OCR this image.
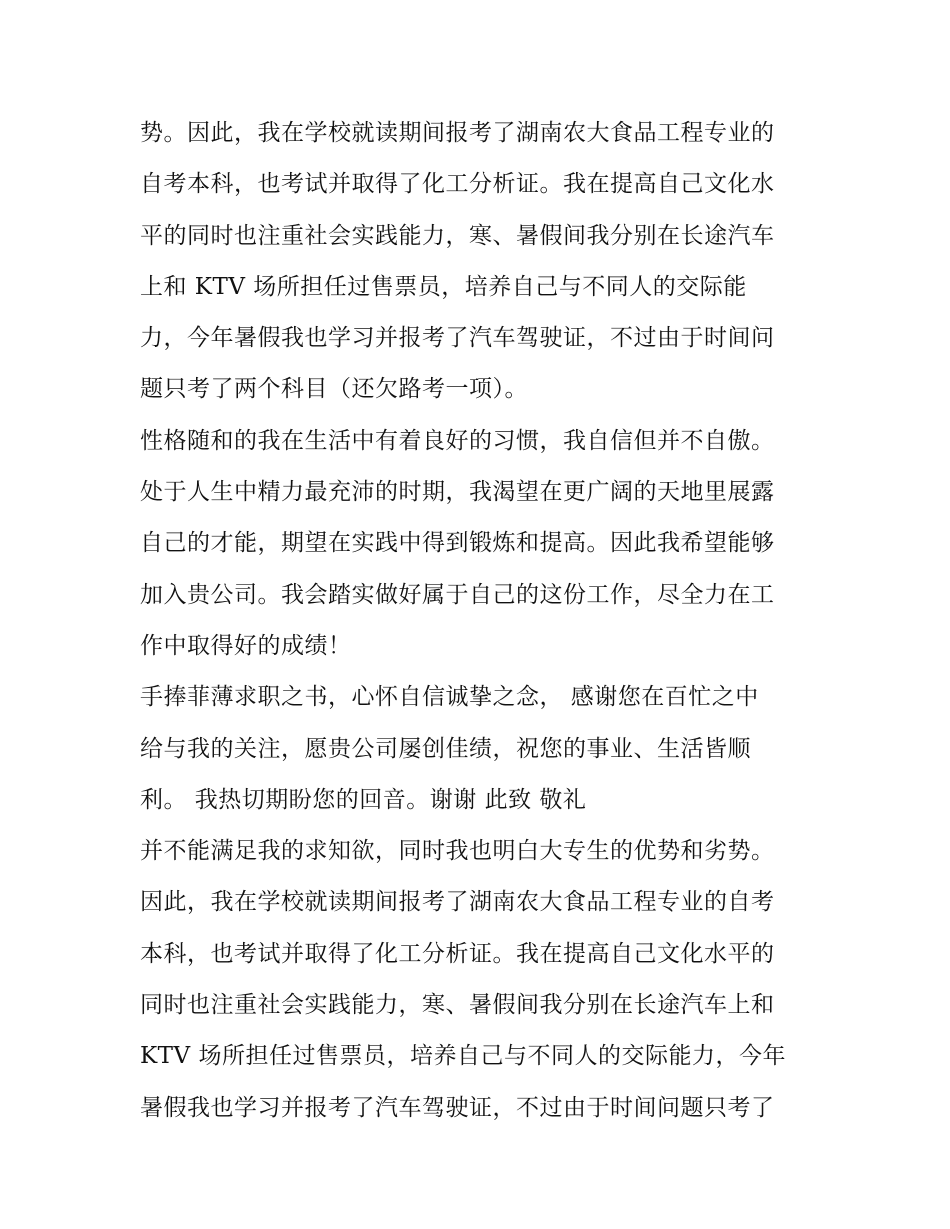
势。因此，我在学校就读期间报考了湖南农大食品工程专业的
自考本科，也考试并取得了化工分析证。我在提高自己文化水
平的同时也注重社会实践能力，寒、暑假间我分别在长途汽车
上和 KTV 场所担任过售票员，培养自己与不同人的交际能
力，今年暑假我也学习并报考了汽车驾驶证，不过由于时间问
题只考了两个科目（还欠路考一项）。
性格随和的我在生活中有着良好的习惯，我自信但并不自傲。
处于人生中精力最充沛的时期，我渴望在更广阔的天地里展露
自己的才能，期望在实践中得到锻炼和提高。因此我希望能够
加入贵公司。我会踏实做好属于自己的这份工作，尽全力在工
作中取得好的成绩！
手捧菲薄求职之书，心怀自信诚挚之念， 感谢您在百忙之中
给与我的关注，愿贵公司屡创佳绩，祝您的事业、生活皆顺
利。 我热切期盼您的回音。谢谢 此致 敬礼
并不能满足我的求知欲，同时我也明白大专生的优势和劣势。
因此，我在学校就读期间报考了湖南农大食品工程专业的自考
本科，也考试并取得了化工分析证。我在提高自己文化水平的
同时也注重社会实践能力，寒、暑假间我分别在长途汽车上和
KTV 场所担任过售票员，培养自己与不同人的交际能力，今年
暑假我也学习并报考了汽车驾驶证，不过由于时间问题只考了
